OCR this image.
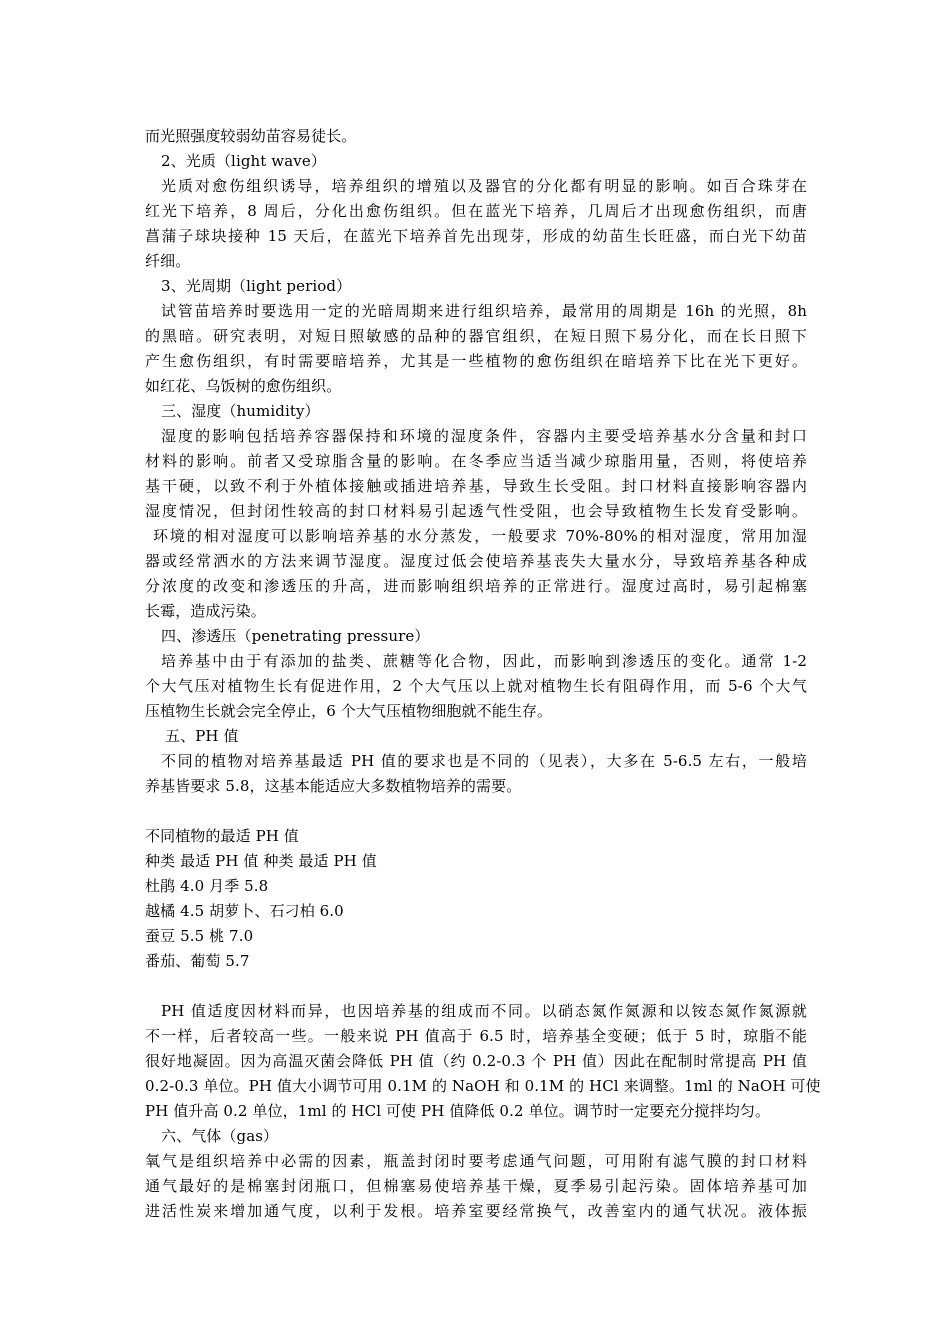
而光照强度较弱幼苗容易徒长。
2、光质（light wave）
光质对愈伤组织诱导，培养组织的增殖以及器官的分化都有明显的影响。如百合珠芽在
红光下培养，8 周后，分化出愈伤组织。但在蓝光下培养，几周后才出现愈伤组织，而唐
菖蒲子球块接种 15 天后，在蓝光下培养首先出现芽，形成的幼苗生长旺盛，而白光下幼苗
纤细。
3、光周期（light period）
试管苗培养时要选用一定的光暗周期来进行组织培养，最常用的周期是 16h 的光照，8h
的黑暗。研究表明，对短日照敏感的品种的器官组织，在短日照下易分化，而在长日照下
产生愈伤组织，有时需要暗培养，尤其是一些植物的愈伤组织在暗培养下比在光下更好。
如红花、乌饭树的愈伤组织。
三、湿度（humidity）
湿度的影响包括培养容器保持和环境的湿度条件，容器内主要受培养基水分含量和封口
材料的影响。前者又受琼脂含量的影响。在冬季应当适当减少琼脂用量，否则，将使培养
基干硬，以致不利于外植体接触或插进培养基，导致生长受阻。封口材料直接影响容器内
湿度情况，但封闭性较高的封口材料易引起透气性受阻，也会导致植物生长发育受影响。
环境的相对湿度可以影响培养基的水分蒸发，一般要求 70%-80%的相对湿度，常用加湿
器或经常洒水的方法来调节湿度。湿度过低会使培养基丧失大量水分，导致培养基各种成
分浓度的改变和渗透压的升高，进而影响组织培养的正常进行。湿度过高时，易引起棉塞
长霉，造成污染。
四、渗透压（penetrating pressure）
培养基中由于有添加的盐类、蔗糖等化合物，因此，而影响到渗透压的变化。通常 1-2
个大气压对植物生长有促进作用，2 个大气压以上就对植物生长有阻碍作用，而 5-6 个大气
压植物生长就会完全停止，6 个大气压植物细胞就不能生存。
五、PH 值
不同的植物对培养基最适 PH 值的要求也是不同的（见表），大多在 5-6.5 左右，一般培
养基皆要求 5.8，这基本能适应大多数植物培养的需要。
不同植物的最适 PH 值
种类 最适 PH 值 种类 最适 PH 值
杜鹃 4.0 月季 5.8
越橘 4.5 胡萝卜、石刁柏 6.0
蚕豆 5.5 桃 7.0
番茄、葡萄 5.7
PH 值适度因材料而异，也因培养基的组成而不同。以硝态氮作氮源和以铵态氮作氮源就
不一样，后者较高一些。一般来说 PH 值高于 6.5 时，培养基全变硬；低于 5 时，琼脂不能
很好地凝固。因为高温灭菌会降低 PH 值（约 0.2-0.3 个 PH 值）因此在配制时常提高 PH 值
0.2-0.3 单位。PH 值大小调节可用 0.1M 的 NaOH 和 0.1M 的 HCl 来调整。1ml 的 NaOH 可使
PH 值升高 0.2 单位，1ml 的 HCl 可使 PH 值降低 0.2 单位。调节时一定要充分搅拌均匀。
六、气体（gas）
氧气是组织培养中必需的因素，瓶盖封闭时要考虑通气问题，可用附有滤气膜的封口材料
通气最好的是棉塞封闭瓶口，但棉塞易使培养基干燥，夏季易引起污染。固体培养基可加
进活性炭来增加通气度，以利于发根。培养室要经常换气，改善室内的通气状况。液体振
